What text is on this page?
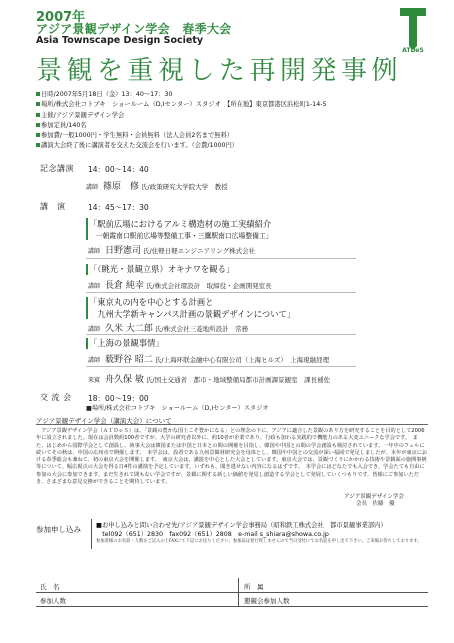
2007年
アジア景観デザイン学会　春季大会
Asia Townscape Design Society
ATDeS
景観を重視した再開発事例
日時/2007年5月18日（金）13：40〜17：30
場所/株式会社コトブキ　ショールーム（D,Iセンター）スタジオ　【所在地】東京都港区浜松町1-14-5
主催/アジア景観デザイン学会
参加定員/140名
参加費/一般1000円・学生無料・会員無料（法人会員2名まで無料）
講演大会終了後に講演者を交えた交流会を行います。（会費/1000円）
記念講演 14：00〜14：40
講師 篠原　修 氏/政策研究大学院大学　教授
講　演	14：45〜17：30
「駅前広場におけるアルミ構造材の施工実績紹介
　一朝霞南口駅前広場等整備工事・三鷹駅南口広場整備工」
講師 日野憲司 氏/住軽日軽エンジニアリング株式会社
「（眺光・景観立県）オキナワを観る」
講師 長倉 純幸 氏/株式会社環設計　取締役・企画開発室長
「東京丸の内を中心とする計画と
　九州大学新キャンパス計画の景観デザインについて」
講師 久米 大二郎 氏/株式会社三菱地所設計　常務
「上海の景観事情」
講師 薮野谷 昭二 氏/上海环联金融中心有限公司（上海ヒルズ）　上海現継経理
来賓 舟久保 敏 氏/国土交通省　都市・地域整備局都市計画課景観室　課長補佐
交 流 会 18：00〜19：00
アジア景観デザイン学会（講演大会）について
　アジア景観デザイン学会（ＡＴＤｅＳ）は、「景観の豊かな国土こそ豊かになる」との理念の下に、アジアに適合した景観のあり方を研究することを目的として2006年に設立されました。現在は会員数約100者ですが、大学の研究者以外に、約10者が企業であり、行政も加わる実践的で機能力のある大変ユニークな学会です。　また、はじめから国際学会として創設し、執事大会は韓国または中国と日本との間の開催を目指し、韓国や中国との間の学会創設も検討されています。一年中のフェルに続いてその秋は、中国の広州市で開催します。　本学会は、設者である九州景観材研究会を母体とし、韓国や中国との交流が深い福岡で発足しましたが、本年が東京における春季総会も兼ねて、初の東京大会を開催します。　東京大会は、講演を中心とした大会としています。東京大会では、景観づくりにかかわる技術や景観面の施開事例等について、幅広視点の大会を得る日4件の講演を予定しています。いずれも、聞き逃せない内容になるはずです。　本学会にはどなたでも入会でき、学会たても自由に参加の大会に参加できます。まだ生きれて間もない学会ですが、景観に関する新しい価値を発見し創造する学会として発展していくつもりです。皆様にご参加いただき、さまざまな意見交換ができることを期待しています。
アジア景観デザイン学会
会長　佐藤　優
参加申し込み ■お申し込みと問い合わせ先/アジア景観デザイン学会事務局（昭和鉄工株式会社　都市景観事業部内）
　tel092（651）2830　fax092（651）2808　e-mail s_shiara@showa.co.jp
参加者様のお名前・人数をご記入の上FAXにて下記にお送りください。参加証は発行致しませんので当日受付にてお名前を申し出て下さい。ご来場お待ちしております。
氏　名	所　属
参加人数	懇親会参加人数
■場所/株式会社コトブキ　ショールーム（D,Iセンター）スタジオ
